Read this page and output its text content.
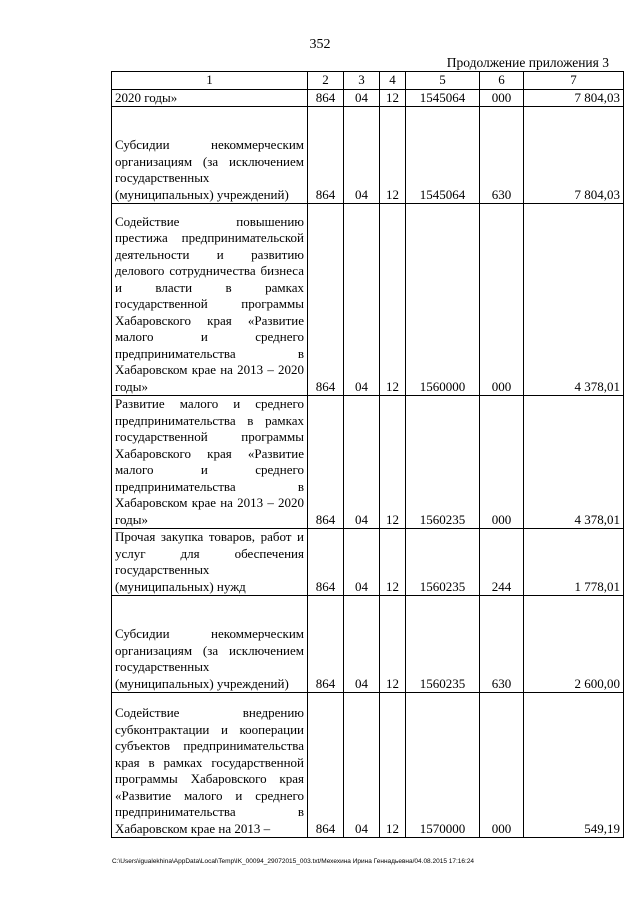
352
Продолжение приложения 3
1	2	3	4	5	6	7
2020 годы»	864	04	12	1545064	000	7 804,03
Субсидии некоммерческим организациям (за исключением государственных (муниципальных) учреждений)	864	04	12	1545064	630	7 804,03
Содействие повышению престижа предпринимательской деятельности и развитию делового сотрудничества бизнеса и власти в рамках государственной программы Хабаровского края «Развитие малого и среднего предпринимательства в Хабаровском крае на 2013 – 2020 годы»	864	04	12	1560000	000	4 378,01
Развитие малого и среднего предпринимательства в рамках государственной программы Хабаровского края «Развитие малого и среднего предпринимательства в Хабаровском крае на 2013 – 2020 годы»	864	04	12	1560235	000	4 378,01
Прочая закупка товаров, работ и услуг для обеспечения государственных (муниципальных) нужд	864	04	12	1560235	244	1 778,01
Субсидии некоммерческим организациям (за исключением государственных (муниципальных) учреждений)	864	04	12	1560235	630	2 600,00
Содействие внедрению субконтрактации и кооперации субъектов предпринимательства края в рамках государственной программы Хабаровского края «Развитие малого и среднего предпринимательства в Хабаровском крае на 2013 –	864	04	12	1570000	000	549,19
C:\Users\igualekhina\AppData\Local\Temp\IK_00094_29072015_003.txt/Мехехина Ирина Геннадьевна/04.08.2015 17:16:24
